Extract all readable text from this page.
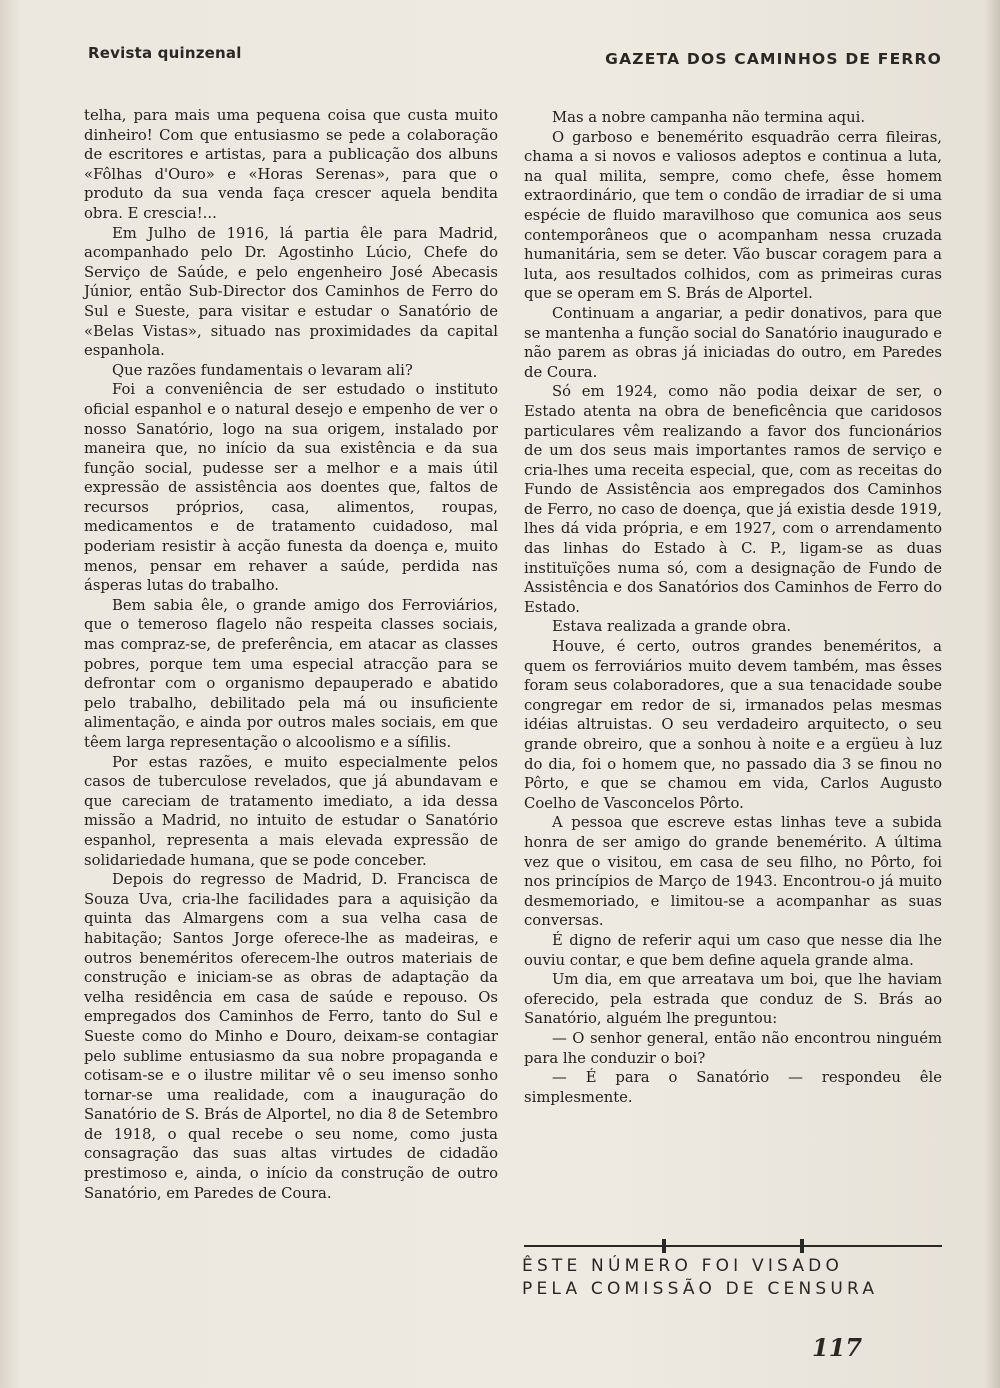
Revista quinzenal	GAZETA DOS CAMINHOS DE FERRO

telha, para mais uma pequena coisa que custa muito dinheiro! Com que entusiasmo se pede a colaboração de escritores e artistas, para a publicação dos albuns «Fôlhas d'Ouro» e «Horas Serenas», para que o produto da sua venda faça crescer aquela bendita obra. E crescia!...

Em Julho de 1916, lá partia êle para Madrid, acompanhado pelo Dr. Agostinho Lúcio, Chefe do Serviço de Saúde, e pelo engenheiro José Abecasis Júnior, então Sub-Director dos Caminhos de Ferro do Sul e Sueste, para visitar e estudar o Sanatório de «Belas Vistas», situado nas proximidades da capital espanhola.

Que razões fundamentais o levaram ali?

Foi a conveniência de ser estudado o instituto oficial espanhol e o natural desejo e empenho de ver o nosso Sanatório, logo na sua origem, instalado por maneira que, no início da sua existência e da sua função social, pudesse ser a melhor e a mais útil expressão de assistência aos doentes que, faltos de recursos próprios, casa, alimentos, roupas, medicamentos e de tratamento cuidadoso, mal poderiam resistir à acção funesta da doença e, muito menos, pensar em rehaver a saúde, perdida nas ásperas lutas do trabalho.

Bem sabia êle, o grande amigo dos Ferroviários, que o temeroso flagelo não respeita classes sociais, mas compraz-se, de preferência, em atacar as classes pobres, porque tem uma especial atracção para se defrontar com o organismo depauperado e abatido pelo trabalho, debilitado pela má ou insuficiente alimentação, e ainda por outros males sociais, em que têem larga representação o alcoolismo e a sífilis.

Por estas razões, e muito especialmente pelos casos de tuberculose revelados, que já abundavam e que careciam de tratamento imediato, a ida dessa missão a Madrid, no intuito de estudar o Sanatório espanhol, representa a mais elevada expressão de solidariedade humana, que se pode conceber.

Depois do regresso de Madrid, D. Francisca de Souza Uva, cria-lhe facilidades para a aquisição da quinta das Almargens com a sua velha casa de habitação; Santos Jorge oferece-lhe as madeiras, e outros beneméritos oferecem-lhe outros materiais de construção e iniciam-se as obras de adaptação da velha residência em casa de saúde e repouso. Os empregados dos Caminhos de Ferro, tanto do Sul e Sueste como do Minho e Douro, deixam-se contagiar pelo sublime entusiasmo da sua nobre propaganda e cotisam-se e o ilustre militar vê o seu imenso sonho tornar-se uma realidade, com a inauguração do Sanatório de S. Brás de Alportel, no dia 8 de Setembro de 1918, o qual recebe o seu nome, como justa consagração das suas altas virtudes de cidadão prestimoso e, ainda, o início da construção de outro Sanatório, em Paredes de Coura.

Mas a nobre campanha não termina aqui.

O garboso e benemérito esquadrão cerra fileiras, chama a si novos e valiosos adeptos e continua a luta, na qual milita, sempre, como chefe, êsse homem extraordinário, que tem o condão de irradiar de si uma espécie de fluido maravilhoso que comunica aos seus contemporâneos que o acompanham nessa cruzada humanitária, sem se deter. Vão buscar coragem para a luta, aos resultados colhidos, com as primeiras curas que se operam em S. Brás de Alportel.

Continuam a angariar, a pedir donativos, para que se mantenha a função social do Sanatório inaugurado e não parem as obras já iniciadas do outro, em Paredes de Coura.

Só em 1924, como não podia deixar de ser, o Estado atenta na obra de beneficência que caridosos particulares vêm realizando a favor dos funcionários de um dos seus mais importantes ramos de serviço e cria-lhes uma receita especial, que, com as receitas do Fundo de Assistência aos empregados dos Caminhos de Ferro, no caso de doença, que já existia desde 1919, lhes dá vida própria, e em 1927, com o arrendamento das linhas do Estado à C. P., ligam-se as duas instituïções numa só, com a designação de Fundo de Assistência e dos Sanatórios dos Caminhos de Ferro do Estado.

Estava realizada a grande obra.

Houve, é certo, outros grandes beneméritos, a quem os ferroviários muito devem também, mas êsses foram seus colaboradores, que a sua tenacidade soube congregar em redor de si, irmanados pelas mesmas idéias altruistas. O seu verdadeiro arquitecto, o seu grande obreiro, que a sonhou à noite e a ergüeu à luz do dia, foi o homem que, no passado dia 3 se finou no Pôrto, e que se chamou em vida, Carlos Augusto Coelho de Vasconcelos Pôrto.

A pessoa que escreve estas linhas teve a subida honra de ser amigo do grande benemérito. A última vez que o visitou, em casa de seu filho, no Pôrto, foi nos princípios de Março de 1943. Encontrou-o já muito desmemoriado, e limitou-se a acompanhar as suas conversas.

É digno de referir aqui um caso que nesse dia lhe ouviu contar, e que bem define aquela grande alma.

Um dia, em que arreatava um boi, que lhe haviam oferecido, pela estrada que conduz de S. Brás ao Sanatório, alguém lhe preguntou:

— O senhor general, então não encontrou ninguém para lhe conduzir o boi?

— É para o Sanatório — respondeu êle simplesmente.

ÊSTE NÚMERO FOI VISADO
PELA COMISSÃO DE CENSURA
117
